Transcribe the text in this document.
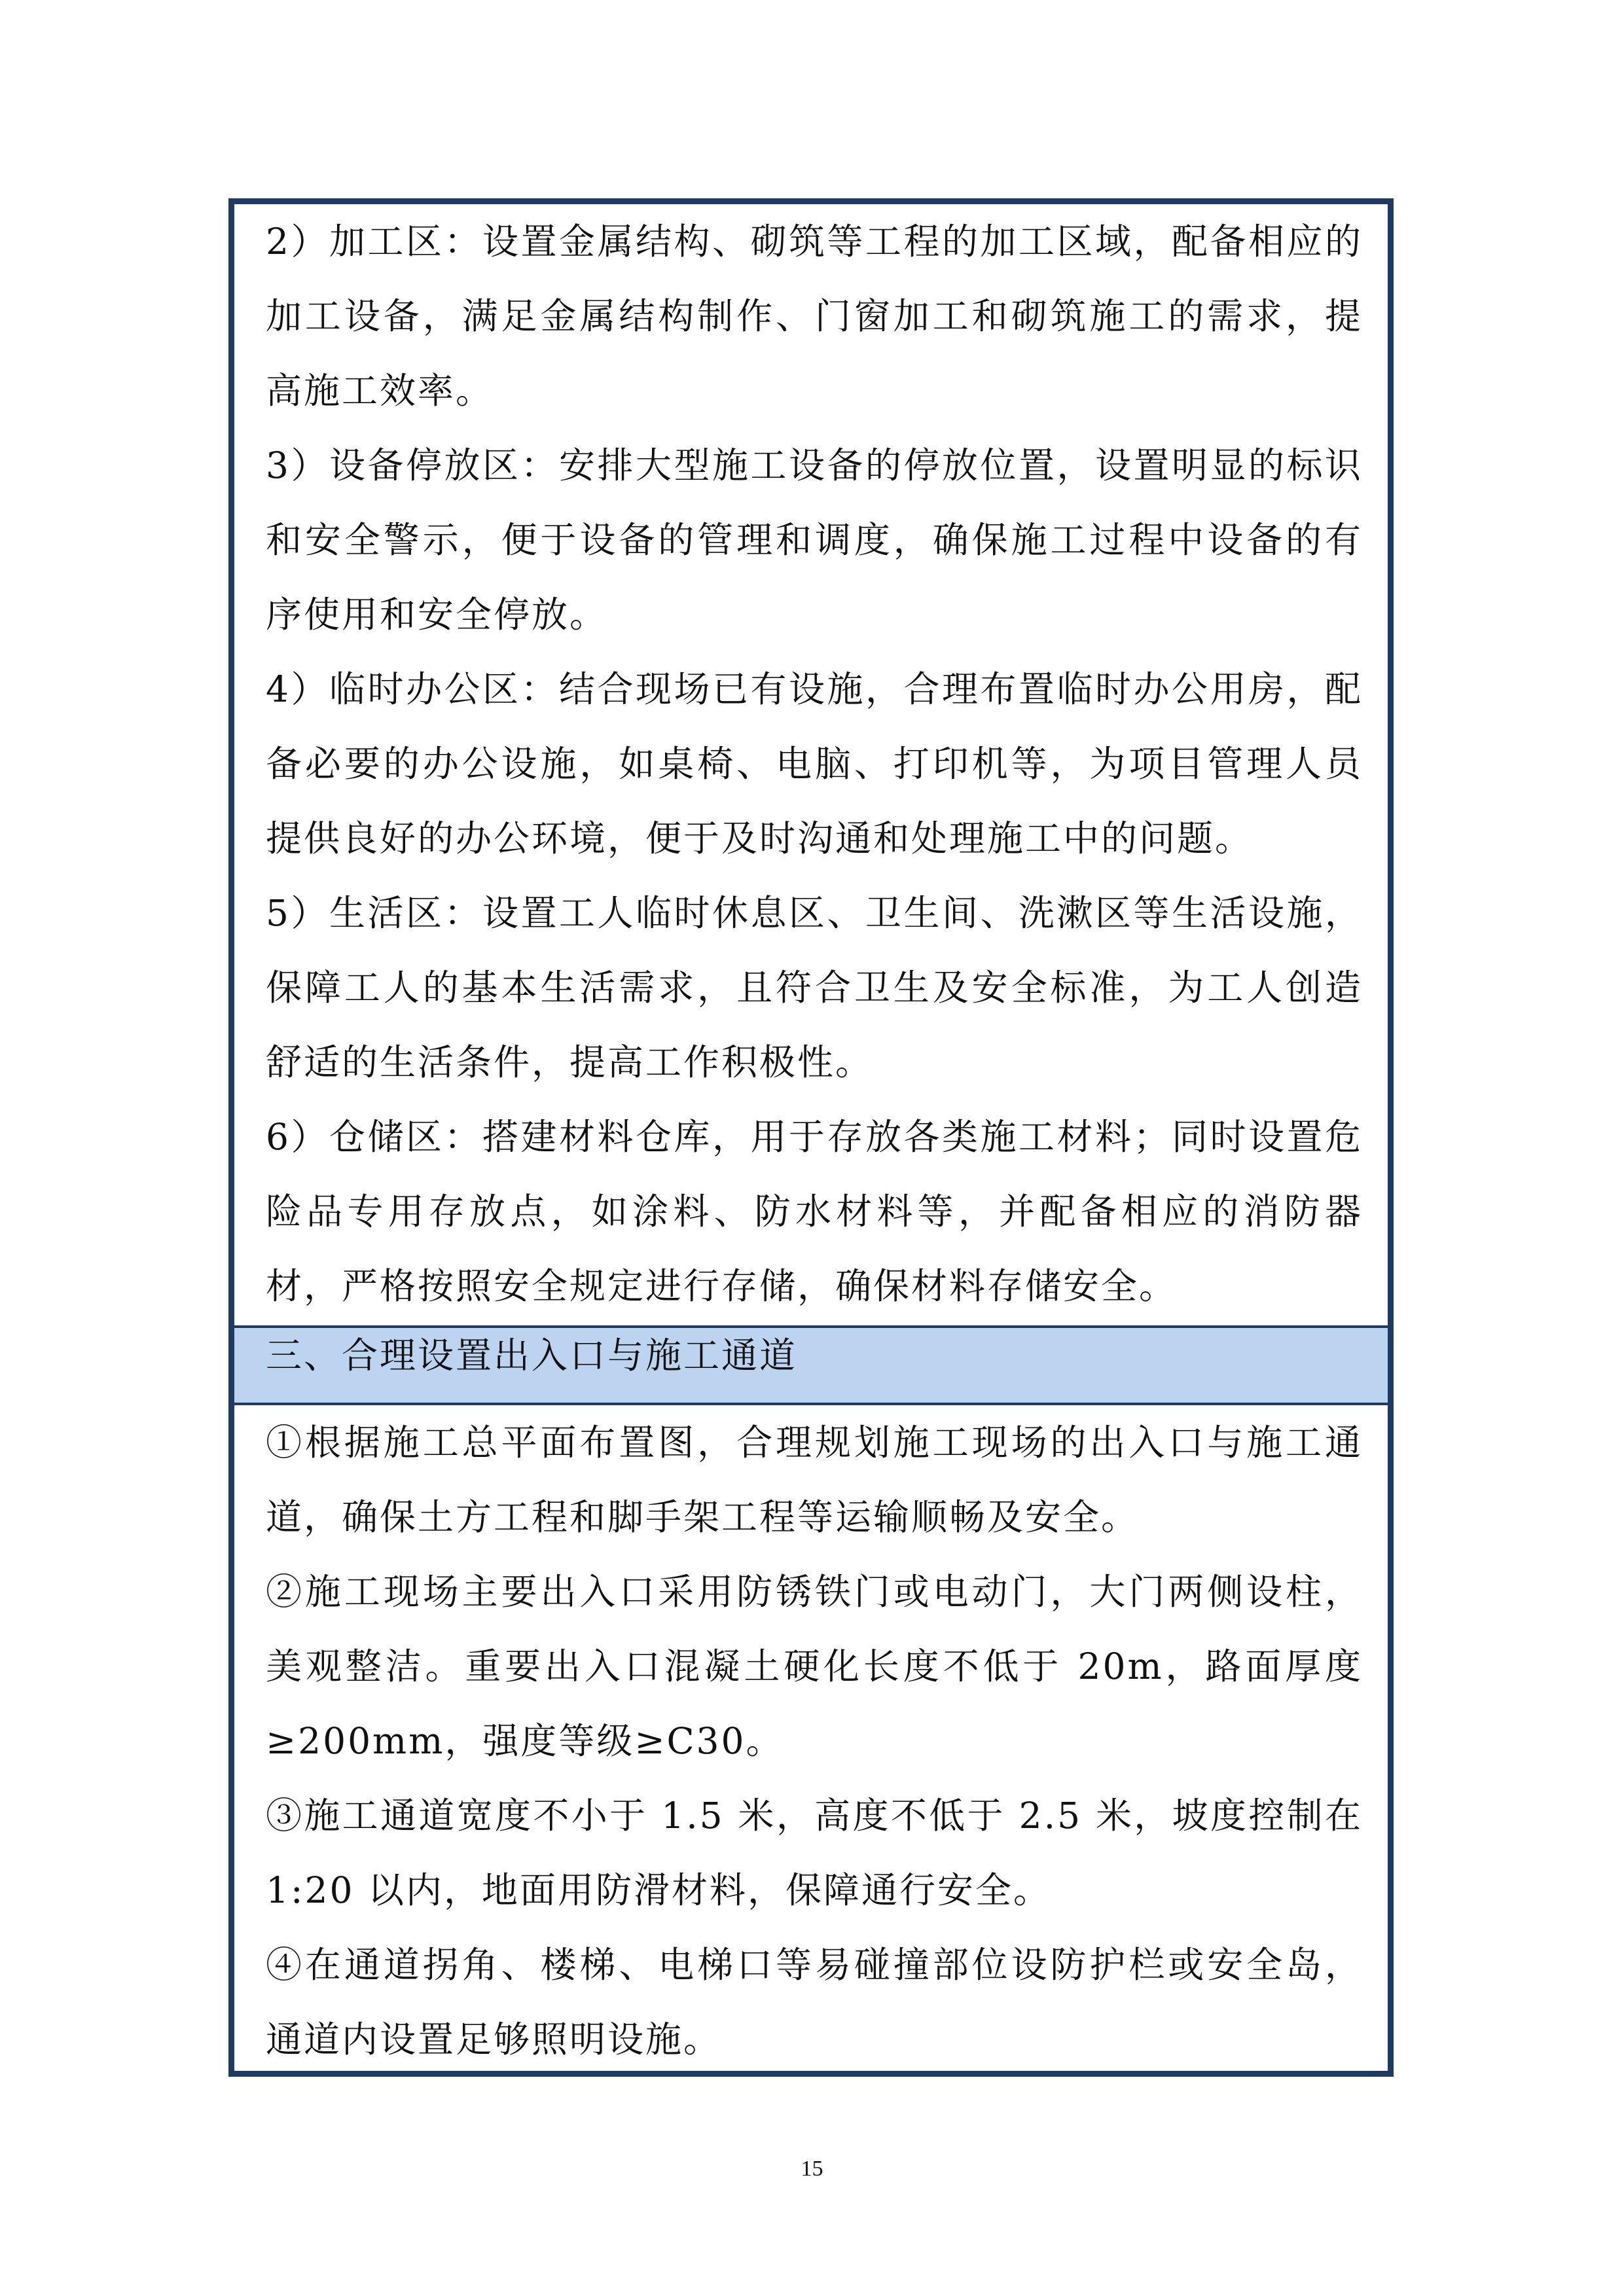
2）加工区：设置金属结构、砌筑等工程的加工区域，配备相应的加工设备，满足金属结构制作、门窗加工和砌筑施工的需求，提高施工效率。

3）设备停放区：安排大型施工设备的停放位置，设置明显的标识和安全警示，便于设备的管理和调度，确保施工过程中设备的有序使用和安全停放。

4）临时办公区：结合现场已有设施，合理布置临时办公用房，配备必要的办公设施，如桌椅、电脑、打印机等，为项目管理人员提供良好的办公环境，便于及时沟通和处理施工中的问题。

5）生活区：设置工人临时休息区、卫生间、洗漱区等生活设施，保障工人的基本生活需求，且符合卫生及安全标准，为工人创造舒适的生活条件，提高工作积极性。

6）仓储区：搭建材料仓库，用于存放各类施工材料；同时设置危险品专用存放点，如涂料、防水材料等，并配备相应的消防器材，严格按照安全规定进行存储，确保材料存储安全。

三、合理设置出入口与施工通道

①根据施工总平面布置图，合理规划施工现场的出入口与施工通道，确保土方工程和脚手架工程等运输顺畅及安全。

②施工现场主要出入口采用防锈铁门或电动门，大门两侧设柱，美观整洁。重要出入口混凝土硬化长度不低于 20m，路面厚度≥200mm，强度等级≥C30。

③施工通道宽度不小于 1.5 米，高度不低于 2.5 米，坡度控制在1:20 以内，地面用防滑材料，保障通行安全。

④在通道拐角、楼梯、电梯口等易碰撞部位设防护栏或安全岛，通道内设置足够照明设施。

15
